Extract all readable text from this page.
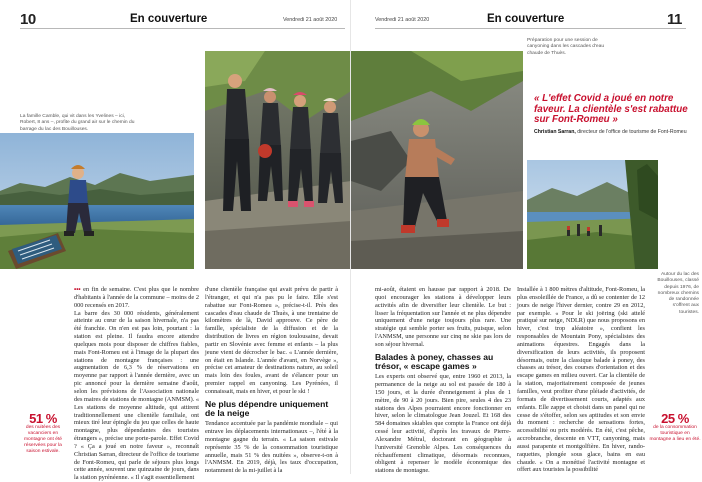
10	En couverture	Vendredi 21 août 2020
La famille Camble, qui vit dans les Yvelines – ici, Robert, 8 ans –, profite du grand air sur le chemin du barrage du lac des Bouillouses.
51 %
des nuitées des vacanciers en montagne ont été réservées pour la saison estivale.

••• en fin de semaine. C'est plus que le nombre d'habitants à l'année de la commune – moins de 2 000 recensés en 2017.

La barre des 30 000 résidents, généralement atteinte au cœur de la saison hivernale, n'a pas été franchie. On n'en est pas loin, pourtant : la station est pleine. Il faudra encore attendre quelques mois pour disposer de chiffres fiables, mais Font-Romeu est à l'image de la plupart des stations de montagne françaises : une augmentation de 6,3 % de réservations en moyenne par rapport à l'année dernière, avec un pic annoncé pour la dernière semaine d'août, selon les prévisions de l'Association nationale des maires de stations de montagne (ANMSM). « Les stations de moyenne altitude, qui attirent traditionnellement une clientèle familiale, ont mieux tiré leur épingle du jeu que celles de haute montagne, plus dépendantes des touristes étrangers », précise une porte-parole. Effet Covid ? « Ça a joué en notre faveur », reconnaît Christian Sarran, directeur de l'office de tourisme de Font-Romeu, qui parle de séjours plus longs cette année, souvent une quinzaine de jours, dans la station pyrénéenne. « Il s'agit essentiellement

d'une clientèle française qui avait prévu de partir à l'étranger, et qui n'a pas pu le faire. Elle s'est rabattue sur Font-Romeu », précise-t-il. Près des cascades d'eau chaude de Thuès, à une trentaine de kilomètres de là, David approuve. Ce père de famille, spécialiste de la diffusion et de la distribution de livres en région toulousaine, devait partir en Slovénie avec femme et enfants – la plus jeune vient de décrocher le bac. « L'année dernière, on était en Islande. L'année d'avant, en Norvège », précise cet amateur de destinations nature, au soleil mais loin des foules, avant de s'élancer pour un premier rappel en canyoning. Les Pyrénées, il connaissait, mais en hiver, et pour le ski !

Ne plus dépendre uniquement de la neige

Tendance accentuée par la pandémie mondiale – qui entrave les déplacements internationaux –, l'été à la montagne gagne du terrain. « La saison estivale représente 35 % de la consommation touristique annuelle, mais 51 % des nuitées », observe-t-on à l'ANMSM. En 2019, déjà, les taux d'occupation, notamment de la mi-juillet à la

Vendredi 21 août 2020	En couverture	11
Préparation pour une session de canyoning dans les cascades d'eau chaude de Thuès.
« L'effet Covid a joué en notre faveur. La clientèle s'est rabattue sur Font-Romeu »
Christian Sarran, directeur de l'office de tourisme de Font-Romeu
Autour du lac des Bouillouses, classé depuis 1976, de nombreux chemins de randonnée s'offrent aux touristes.
25 %
de la consommation touristique en montagne a lieu en été.

mi-août, étaient en hausse par rapport à 2018. De quoi encourager les stations à développer leurs activités afin de diversifier leur clientèle. Le but : lisser la fréquentation sur l'année et ne plus dépendre uniquement d'une neige toujours plus rare. Une stratégie qui semble porter ses fruits, puisque, selon l'ANMSM, une personne sur cinq ne skie pas lors de son séjour hivernal.

Balades à poney, chasses au trésor, « escape games »

Les experts ont observé que, entre 1960 et 2013, la permanence de la neige au sol est passée de 180 à 150 jours, et la durée d'enneigement à plus de 1 mètre, de 90 à 20 jours. Bien pire, seules 4 des 23 stations des Alpes pourraient encore fonctionner en hiver, selon le climatologue Jean Jouzel. Et 168 des 584 domaines skiables que compte la France ont déjà cessé leur activité, d'après les travaux de Pierre-Alexandre Métral, doctorant en géographie à l'université Grenoble Alpes. Les conséquences du réchauffement climatique, désormais reconnues, obligent à repenser le modèle économique des stations de montagne.

Installée à 1 800 mètres d'altitude, Font-Romeu, la plus ensoleillée de France, a dû se contenter de 12 jours de neige l'hiver dernier, contre 29 en 2012, par exemple. « Pour le ski joëring (ski attelé pratiqué sur neige, NDLR) que nous proposons en hiver, c'est trop aléatoire », confient les responsables de Mountain Pony, spécialistes des animations équestres. Engagés dans la diversification de leurs activités, ils proposent désormais, outre la classique balade à poney, des chasses au trésor, des courses d'orientation et des escape games en milieu ouvert. Car la clientèle de la station, majoritairement composée de jeunes familles, veut profiter d'une pléiade d'activités, de formats de divertissement courts, adaptés aux enfants. Elle zappe et choisit dans un panel qui ne cesse de s'étoffer, selon ses aptitudes et son envie du moment : recherche de sensations fortes, accessibilité ou prix modérés. En été, c'est pêche, accrobranche, descente en VTT, canyoning, mais aussi parapente et montgolfière. En hiver, rando-raquettes, plongée sous glace, bains en eau chaude. « On a monétisé l'activité montagne et offert aux touristes la possibilité
